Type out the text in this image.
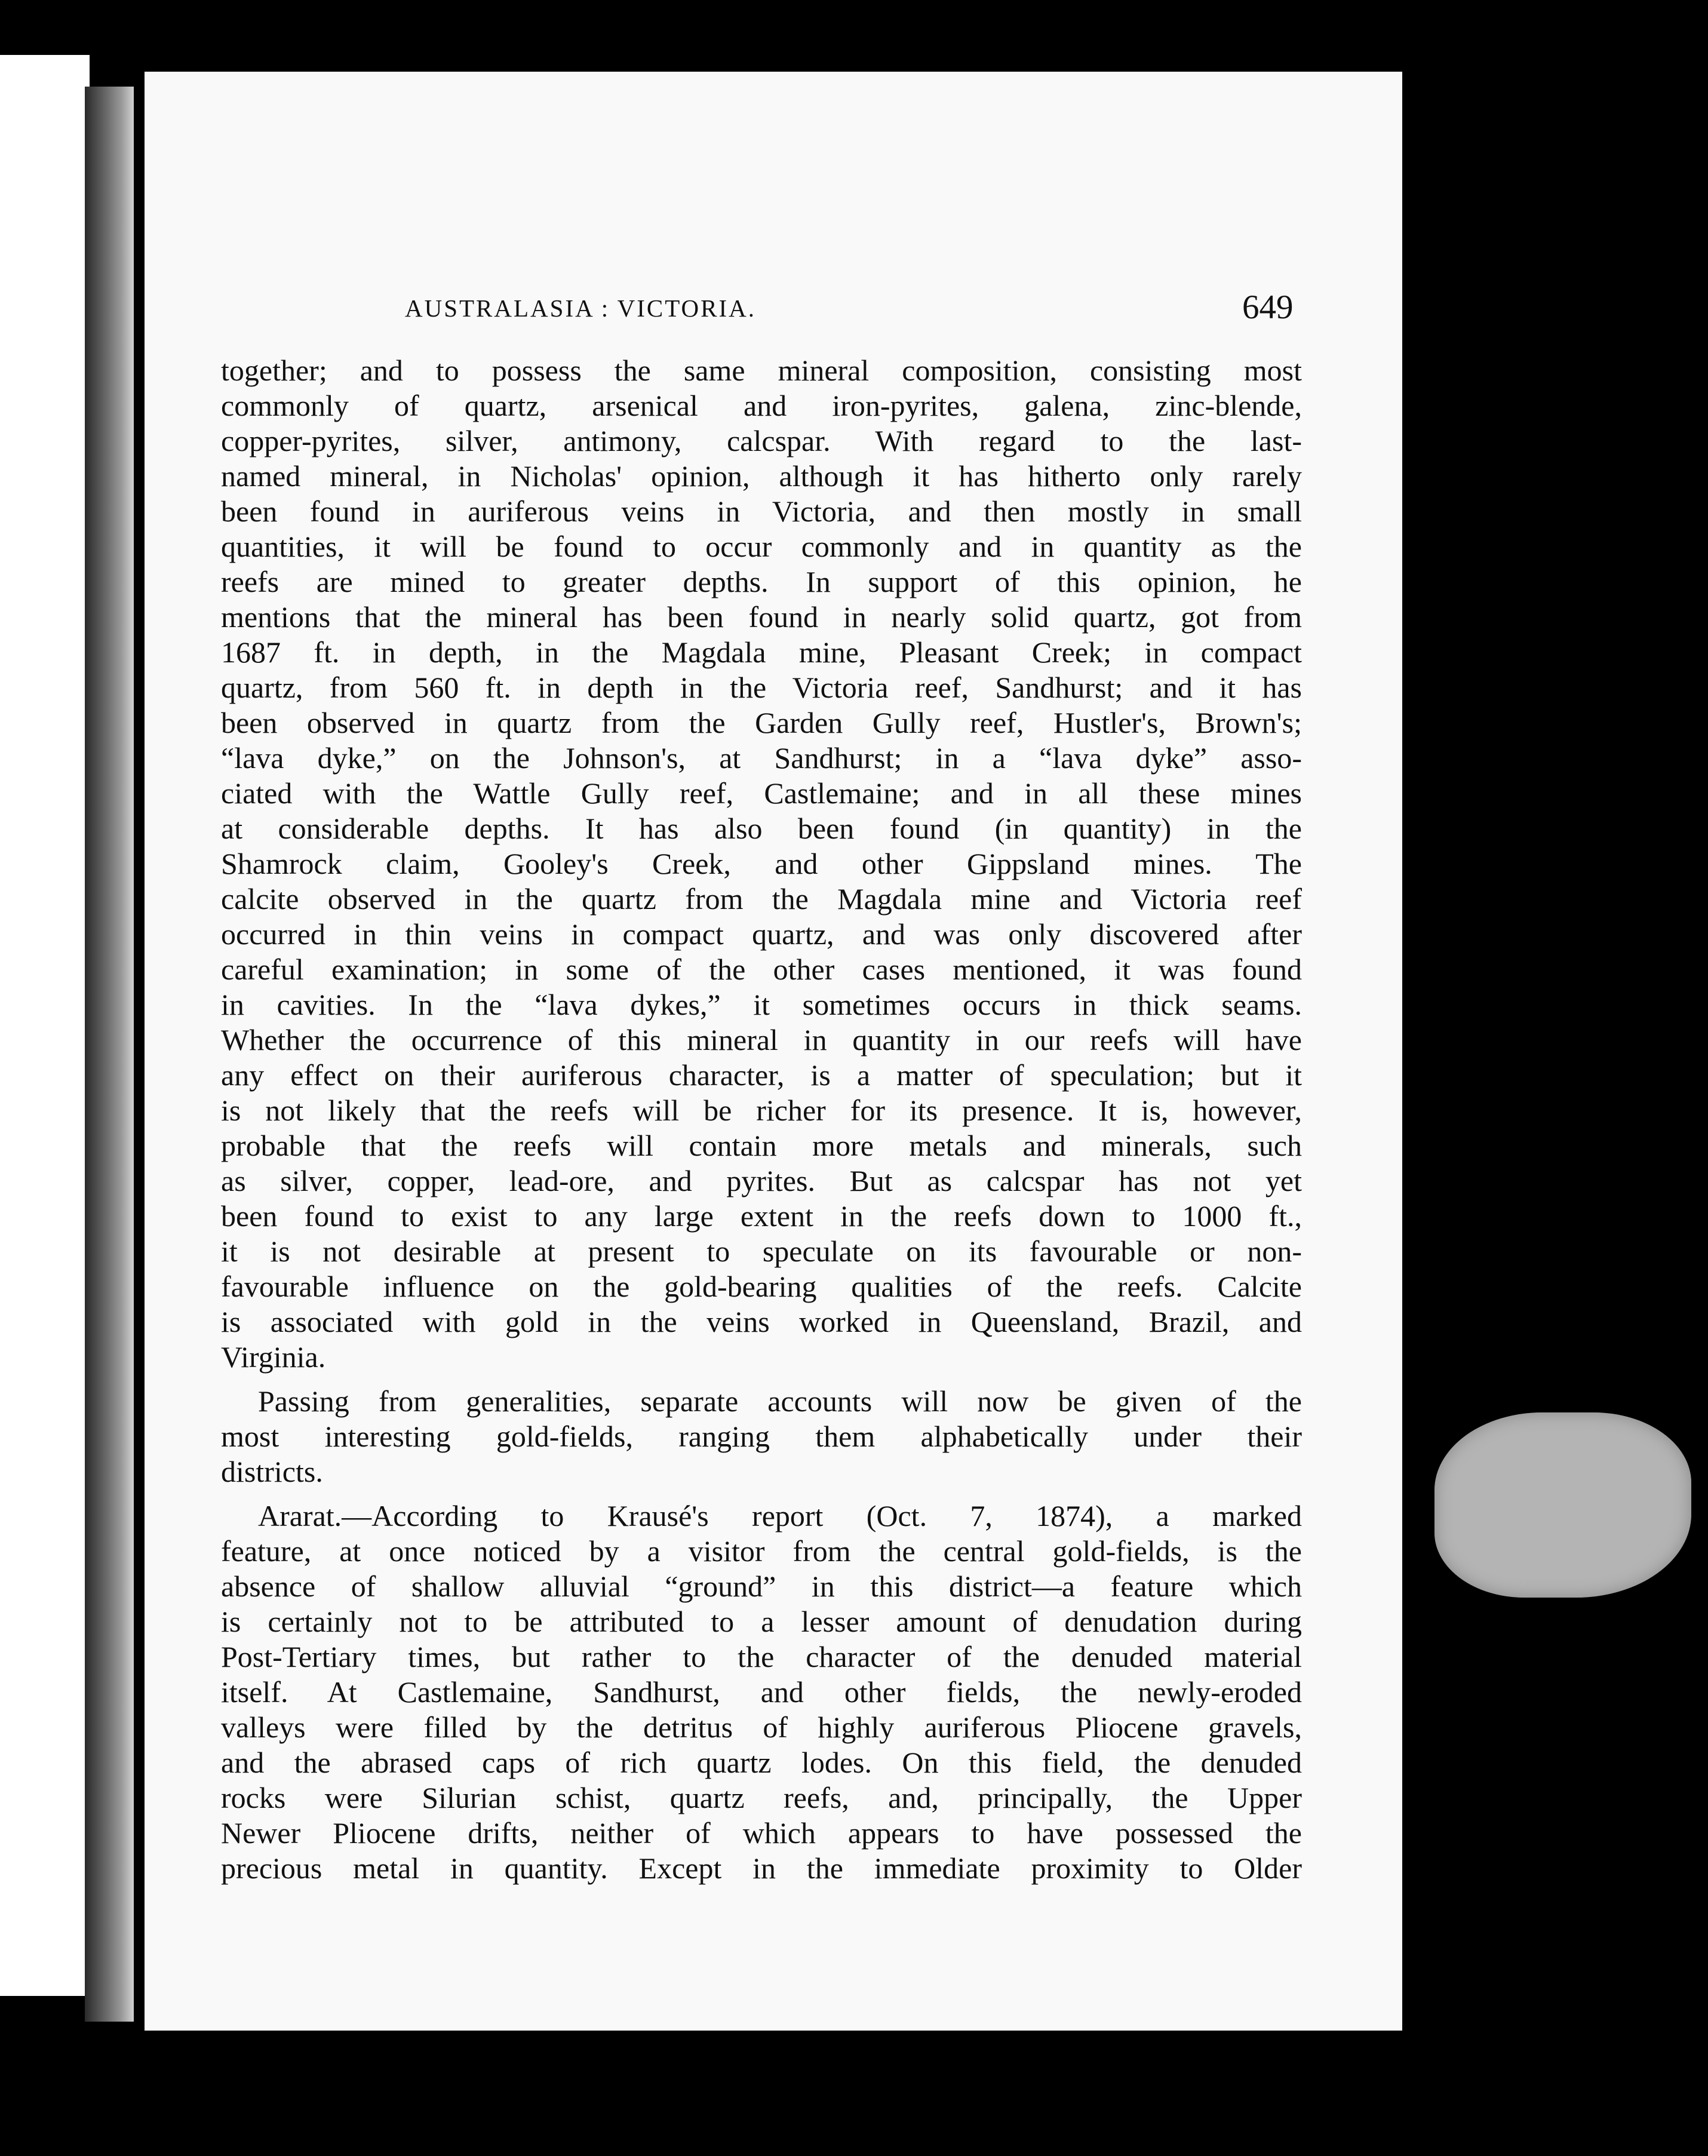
AUSTRALASIA : VICTORIA.	649
together; and to possess the same mineral composition, consisting most
commonly of quartz, arsenical and iron-pyrites, galena, zinc-blende,
copper-pyrites, silver, antimony, calcspar. With regard to the last-
named mineral, in Nicholas' opinion, although it has hitherto only rarely
been found in auriferous veins in Victoria, and then mostly in small
quantities, it will be found to occur commonly and in quantity as the
reefs are mined to greater depths. In support of this opinion, he
mentions that the mineral has been found in nearly solid quartz, got from
1687 ft. in depth, in the Magdala mine, Pleasant Creek; in compact
quartz, from 560 ft. in depth in the Victoria reef, Sandhurst; and it has
been observed in quartz from the Garden Gully reef, Hustler's, Brown's;
“lava dyke,” on the Johnson's, at Sandhurst; in a “lava dyke” asso-
ciated with the Wattle Gully reef, Castlemaine; and in all these mines
at considerable depths. It has also been found (in quantity) in the
Shamrock claim, Gooley's Creek, and other Gippsland mines. The
calcite observed in the quartz from the Magdala mine and Victoria reef
occurred in thin veins in compact quartz, and was only discovered after
careful examination; in some of the other cases mentioned, it was found
in cavities. In the “lava dykes,” it sometimes occurs in thick seams.
Whether the occurrence of this mineral in quantity in our reefs will have
any effect on their auriferous character, is a matter of speculation; but it
is not likely that the reefs will be richer for its presence. It is, however,
probable that the reefs will contain more metals and minerals, such
as silver, copper, lead-ore, and pyrites. But as calcspar has not yet
been found to exist to any large extent in the reefs down to 1000 ft.,
it is not desirable at present to speculate on its favourable or non-
favourable influence on the gold-bearing qualities of the reefs. Calcite
is associated with gold in the veins worked in Queensland, Brazil, and
Virginia.
Passing from generalities, separate accounts will now be given of the
most interesting gold-fields, ranging them alphabetically under their
districts.
Ararat.—According to Krausé's report (Oct. 7, 1874), a marked
feature, at once noticed by a visitor from the central gold-fields, is the
absence of shallow alluvial “ground” in this district—a feature which
is certainly not to be attributed to a lesser amount of denudation during
Post-Tertiary times, but rather to the character of the denuded material
itself. At Castlemaine, Sandhurst, and other fields, the newly-eroded
valleys were filled by the detritus of highly auriferous Pliocene gravels,
and the abrased caps of rich quartz lodes. On this field, the denuded
rocks were Silurian schist, quartz reefs, and, principally, the Upper
Newer Pliocene drifts, neither of which appears to have possessed the
precious metal in quantity. Except in the immediate proximity to Older
